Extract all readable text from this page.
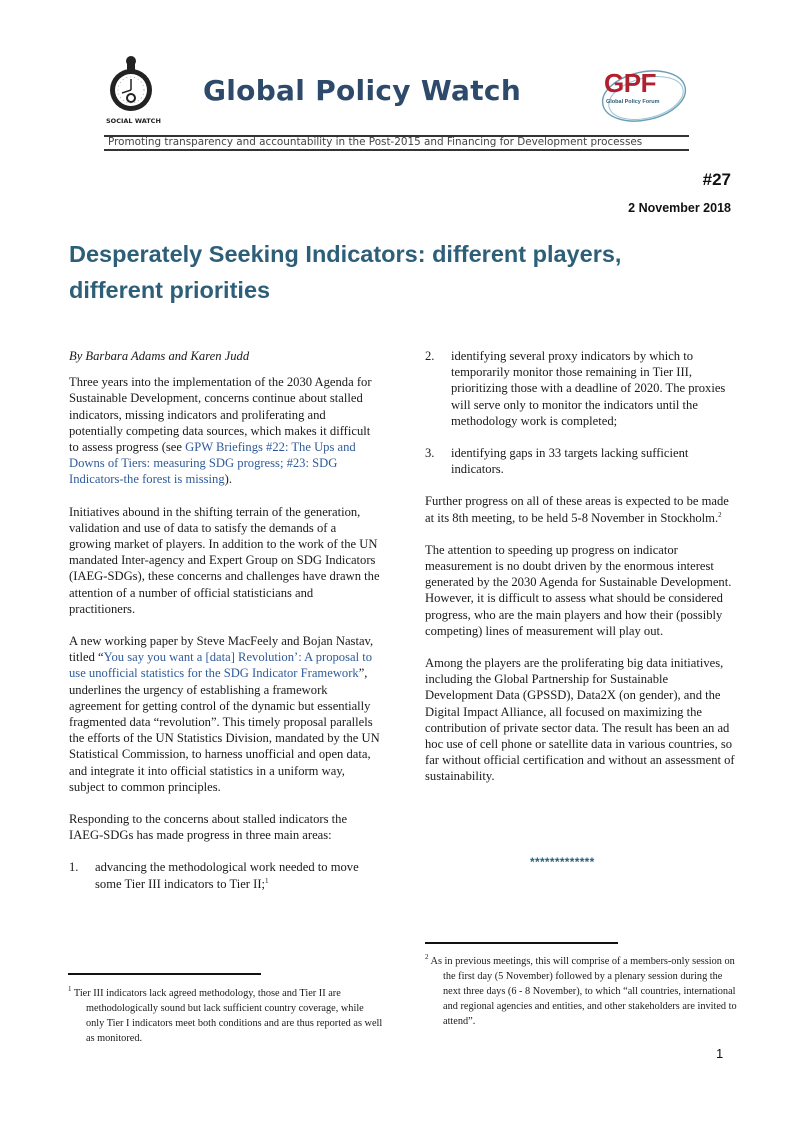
SOCIAL WATCH
Global Policy Watch	GPF
Global Policy Forum
Promoting transparency and accountability in the Post-2015 and Financing for Development processes
#27
2 November 2018
Desperately Seeking Indicators: different players, different priorities

By Barbara Adams and Karen Judd

Three years into the implementation of the 2030 Agenda for Sustainable Development, concerns continue about stalled indicators, missing indicators and proliferating and potentially competing data sources, which makes it difficult to assess progress (see GPW Briefings #22: The Ups and Downs of Tiers: measuring SDG progress; #23: SDG Indicators-the forest is missing).

Initiatives abound in the shifting terrain of the generation, validation and use of data to satisfy the demands of a growing market of players. In addition to the work of the UN mandated Inter-agency and Expert Group on SDG Indicators (IAEG-SDGs), these concerns and challenges have drawn the attention of a number of official statisticians and practitioners.

A new working paper by Steve MacFeely and Bojan Nastav, titled “You say you want a [data] Revolution’: A proposal to use unofficial statistics for the SDG Indicator Framework”, underlines the urgency of establishing a framework agreement for getting control of the dynamic but essentially fragmented data “revolution”. This timely proposal parallels the efforts of the UN Statistics Division, mandated by the UN Statistical Commission, to harness unofficial and open data, and integrate it into official statistics in a uniform way, subject to common principles.

Responding to the concerns about stalled indicators the IAEG-SDGs has made progress in three main areas:

1. advancing the methodological work needed to move some Tier III indicators to Tier II;$^1$

$^1$ Tier III indicators lack agreed methodology, those and Tier II are methodologically sound but lack sufficient country coverage, while only Tier I indicators meet both conditions and are thus reported as well as monitored.

2. identifying several proxy indicators by which to temporarily monitor those remaining in Tier III, prioritizing those with a deadline of 2020. The proxies will serve only to monitor the indicators until the methodology work is completed;

3. identifying gaps in 33 targets lacking sufficient indicators.

Further progress on all of these areas is expected to be made at its 8th meeting, to be held 5-8 November in Stockholm.$^2$

The attention to speeding up progress on indicator measurement is no doubt driven by the enormous interest generated by the 2030 Agenda for Sustainable Development. However, it is difficult to assess what should be considered progress, who are the main players and how their (possibly competing) lines of measurement will play out.

Among the players are the proliferating big data initiatives, including the Global Partnership for Sustainable Development Data (GPSSD), Data2X (on gender), and the Digital Impact Alliance, all focused on maximizing the contribution of private sector data. The result has been an ad hoc use of cell phone or satellite data in various countries, so far without official certification and without an assessment of sustainability.

*************
$^2$ As in previous meetings, this will comprise of a members-only session on the first day (5 November) followed by a plenary session during the next three days (6 - 8 November), to which “all countries, international and regional agencies and entities, and other stakeholders are invited to attend”.
1
